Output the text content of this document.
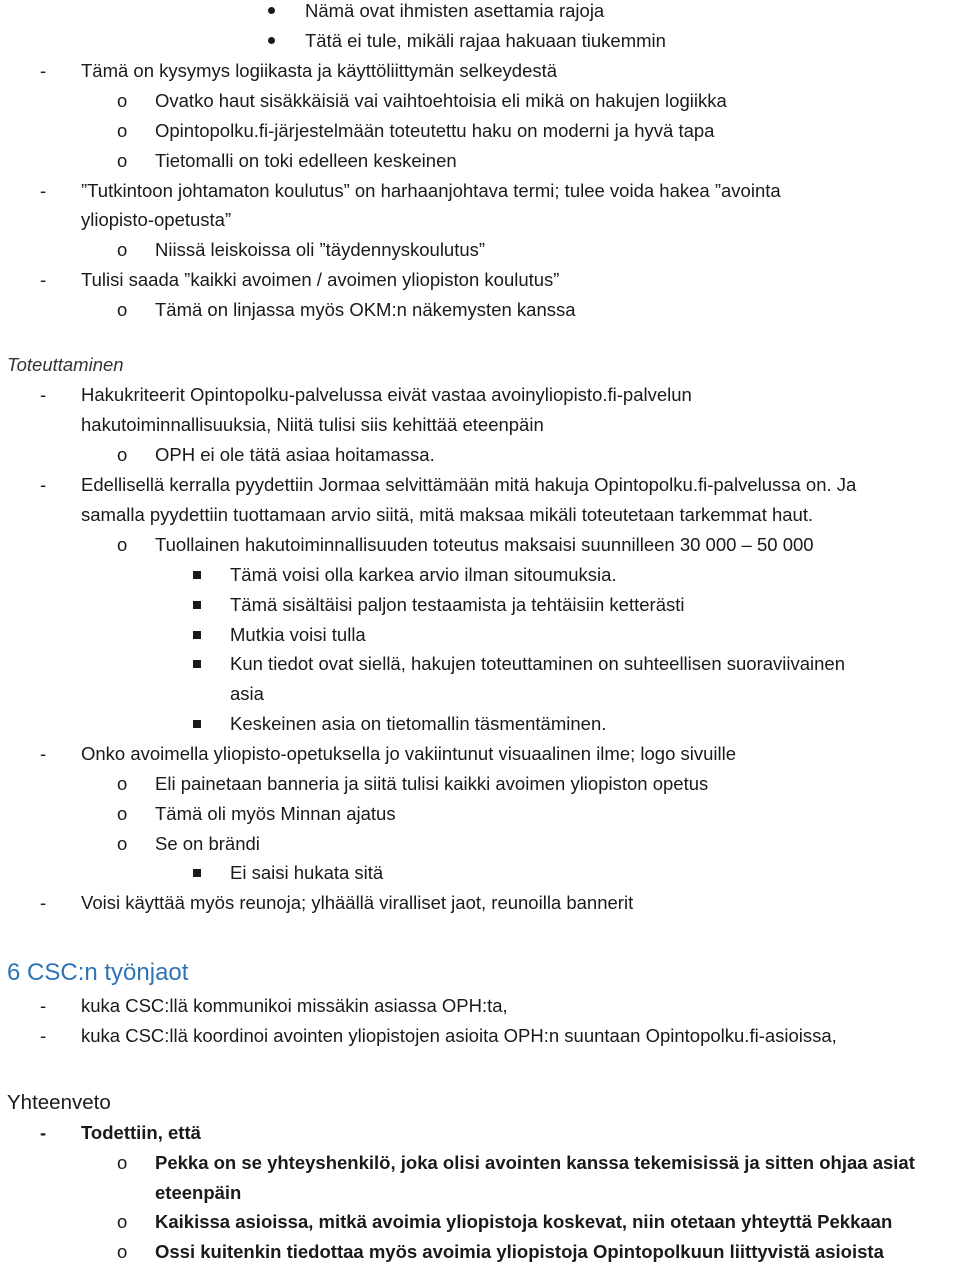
Nämä ovat ihmisten asettamia rajoja
Tätä ei tule, mikäli rajaa hakuaan tiukemmin
- Tämä on kysymys logiikasta ja käyttöliittymän selkeydestä
o Ovatko haut sisäkkäisiä vai vaihtoehtoisia eli mikä on hakujen logiikka
o Opintopolku.fi-järjestelmään toteutettu haku on moderni ja hyvä tapa
o Tietomalli on toki edelleen keskeinen
- ”Tutkintoon johtamaton koulutus” on harhaanjohtava termi; tulee voida hakea ”avointa
yliopisto-opetusta”
o Niissä leiskoissa oli ”täydennyskoulutus”
- Tulisi saada ”kaikki avoimen / avoimen yliopiston koulutus”
o Tämä on linjassa myös OKM:n näkemysten kanssa
Toteuttaminen
- Hakukriteerit Opintopolku-palvelussa eivät vastaa avoinyliopisto.fi-palvelun
hakutoiminnallisuuksia, Niitä tulisi siis kehittää eteenpäin
o OPH ei ole tätä asiaa hoitamassa.
- Edellisellä kerralla pyydettiin Jormaa selvittämään mitä hakuja Opintopolku.fi-palvelussa on. Ja
samalla pyydettiin tuottamaan arvio siitä, mitä maksaa mikäli toteutetaan tarkemmat haut.
o Tuollainen hakutoiminnallisuuden toteutus maksaisi suunnilleen 30 000 – 50 000
Tämä voisi olla karkea arvio ilman sitoumuksia.
Tämä sisältäisi paljon testaamista ja tehtäisiin ketterästi
Mutkia voisi tulla
Kun tiedot ovat siellä, hakujen toteuttaminen on suhteellisen suoraviivainen
asia
Keskeinen asia on tietomallin täsmentäminen.
- Onko avoimella yliopisto-opetuksella jo vakiintunut visuaalinen ilme; logo sivuille
o Eli painetaan banneria ja siitä tulisi kaikki avoimen yliopiston opetus
o Tämä oli myös Minnan ajatus
o Se on brändi
Ei saisi hukata sitä
- Voisi käyttää myös reunoja; ylhäällä viralliset jaot, reunoilla bannerit
6 CSC:n työnjaot
- kuka CSC:llä kommunikoi missäkin asiassa OPH:ta,
- kuka CSC:llä koordinoi avointen yliopistojen asioita OPH:n suuntaan Opintopolku.fi-asioissa,
Yhteenveto
- Todettiin, että
o Pekka on se yhteyshenkilö, joka olisi avointen kanssa tekemisissä ja sitten ohjaa asiat
eteenpäin
o Kaikissa asioissa, mitkä avoimia yliopistoja koskevat, niin otetaan yhteyttä Pekkaan
o Ossi kuitenkin tiedottaa myös avoimia yliopistoja Opintopolkuun liittyvistä asioista
